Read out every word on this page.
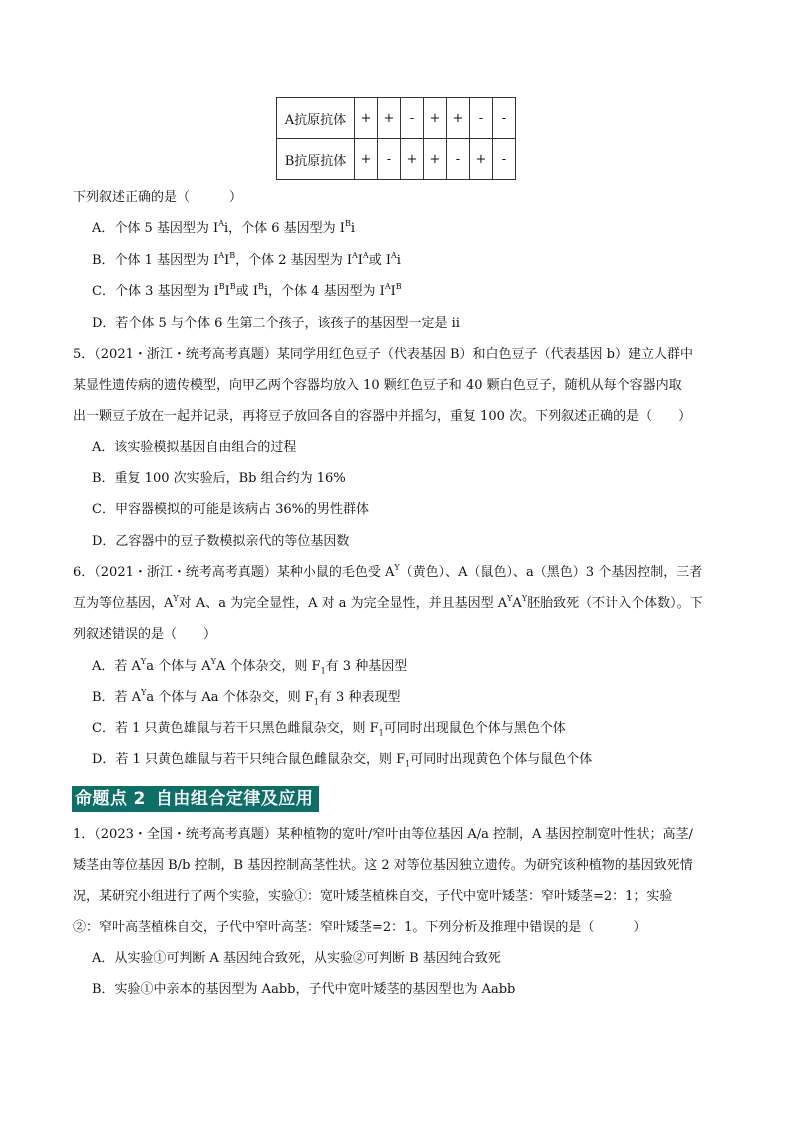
A抗原抗体	+	+	-	+	+	-	-
B抗原抗体	+	-	+	+	-	+	-
下列叙述正确的是（　　　）
A．个体 5 基因型为 $I^Ai$，个体 6 基因型为 $I^Bi$
B．个体 1 基因型为 $I^AI^B$，个体 2 基因型为 $I^AI^A$或 $I^Ai$
C．个体 3 基因型为 $I^BI^B$或 $I^Bi$，个体 4 基因型为 $I^AI^B$
D．若个体 5 与个体 6 生第二个孩子，该孩子的基因型一定是 ii
5．（2021・浙江・统考高考真题）某同学用红色豆子（代表基因 B）和白色豆子（代表基因 b）建立人群中
某显性遗传病的遗传模型，向甲乙两个容器均放入 10 颗红色豆子和 40 颗白色豆子，随机从每个容器内取
出一颗豆子放在一起并记录，再将豆子放回各自的容器中并摇匀，重复 100 次。下列叙述正确的是（　　）
A．该实验模拟基因自由组合的过程
B．重复 100 次实验后，Bb 组合约为 16%
C．甲容器模拟的可能是该病占 36%的男性群体
D．乙容器中的豆子数模拟亲代的等位基因数
6．（2021・浙江・统考高考真题）某种小鼠的毛色受 $A^Y$（黄色）、A（鼠色）、a（黑色）3 个基因控制，三者
互为等位基因，$A^Y$对 A、a 为完全显性，A 对 a 为完全显性，并且基因型 $A^YA^Y$胚胎致死（不计入个体数）。下
列叙述错误的是（　　）
A．若 $A^Ya$ 个体与 $A^YA$ 个体杂交，则 $F_1$有 3 种基因型
B．若 $A^Ya$ 个体与 Aa 个体杂交，则 $F_1$有 3 种表现型
C．若 1 只黄色雄鼠与若干只黑色雌鼠杂交，则 $F_1$可同时出现鼠色个体与黑色个体
D．若 1 只黄色雄鼠与若干只纯合鼠色雌鼠杂交，则 $F_1$可同时出现黄色个体与鼠色个体
命题点 2 自由组合定律及应用
1．（2023・全国・统考高考真题）某种植物的宽叶/窄叶由等位基因 A/a 控制，A 基因控制宽叶性状；高茎/
矮茎由等位基因 B/b 控制，B 基因控制高茎性状。这 2 对等位基因独立遗传。为研究该种植物的基因致死情
况，某研究小组进行了两个实验，实验①：宽叶矮茎植株自交，子代中宽叶矮茎：窄叶矮茎=2：1；实验
②：窄叶高茎植株自交，子代中窄叶高茎：窄叶矮茎=2：1。下列分析及推理中错误的是（　　　）
A．从实验①可判断 A 基因纯合致死，从实验②可判断 B 基因纯合致死
B．实验①中亲本的基因型为 Aabb，子代中宽叶矮茎的基因型也为 Aabb
